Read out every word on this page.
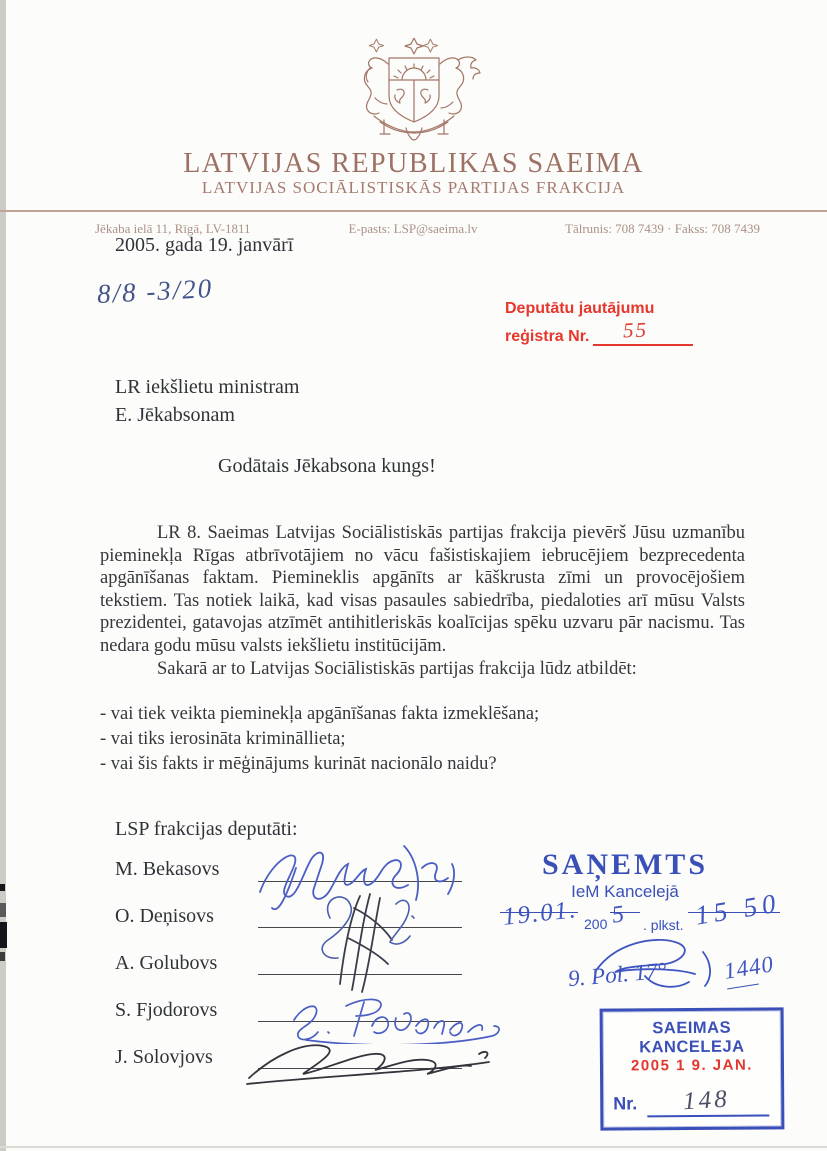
LATVIJAS REPUBLIKAS SAEIMA
LATVIJAS SOCIĀLISTISKĀS PARTIJAS FRAKCIJA
Jēkaba ielā 11, Rīgā, LV-1811	E-pasts: LSP@saeima.lv	Tālrunis: 708 7439 · Fakss: 708 7439
2005. gada 19. janvārī
8/8 -3/20	Deputātu jautājumu
reģistra Nr. 55
LR iekšlietu ministram
E. Jēkabsonam
Godātais Jēkabsona kungs!

LR 8. Saeimas Latvijas Sociālistiskās partijas frakcija pievērš Jūsu uzmanību pieminekļa Rīgas atbrīvotājiem no vācu fašistiskajiem iebrucējiem bezprecedenta apgānīšanas faktam. Piemineklis apgānīts ar kāškrusta zīmi un provocējošiem tekstiem. Tas notiek laikā, kad visas pasaules sabiedrība, piedaloties arī mūsu Valsts prezidentei, gatavojas atzīmēt antihitleriskās koalīcijas spēku uzvaru pār nacismu. Tas nedara godu mūsu valsts iekšlietu institūcijām.

Sakarā ar to Latvijas Sociālistiskās partijas frakcija lūdz atbildēt:

- vai tiek veikta pieminekļa apgānīšanas fakta izmeklēšana;
- vai tiks ierosināta krimināllieta;
- vai šis fakts ir mēģinājums kurināt nacionālo naidu?
LSP frakcijas deputāti:
M. Bekasovs
O. Deņisovs
A. Golubovs
S. Fjodorovs
J. Solovjovs
SAŅEMTS
IeM Kancelejā
19.01. 200 5 . plkst. 15 50
9. Pol. 17° 1440
SAEIMAS KANCELEJA
2005 1 9. JAN.
Nr. 148
